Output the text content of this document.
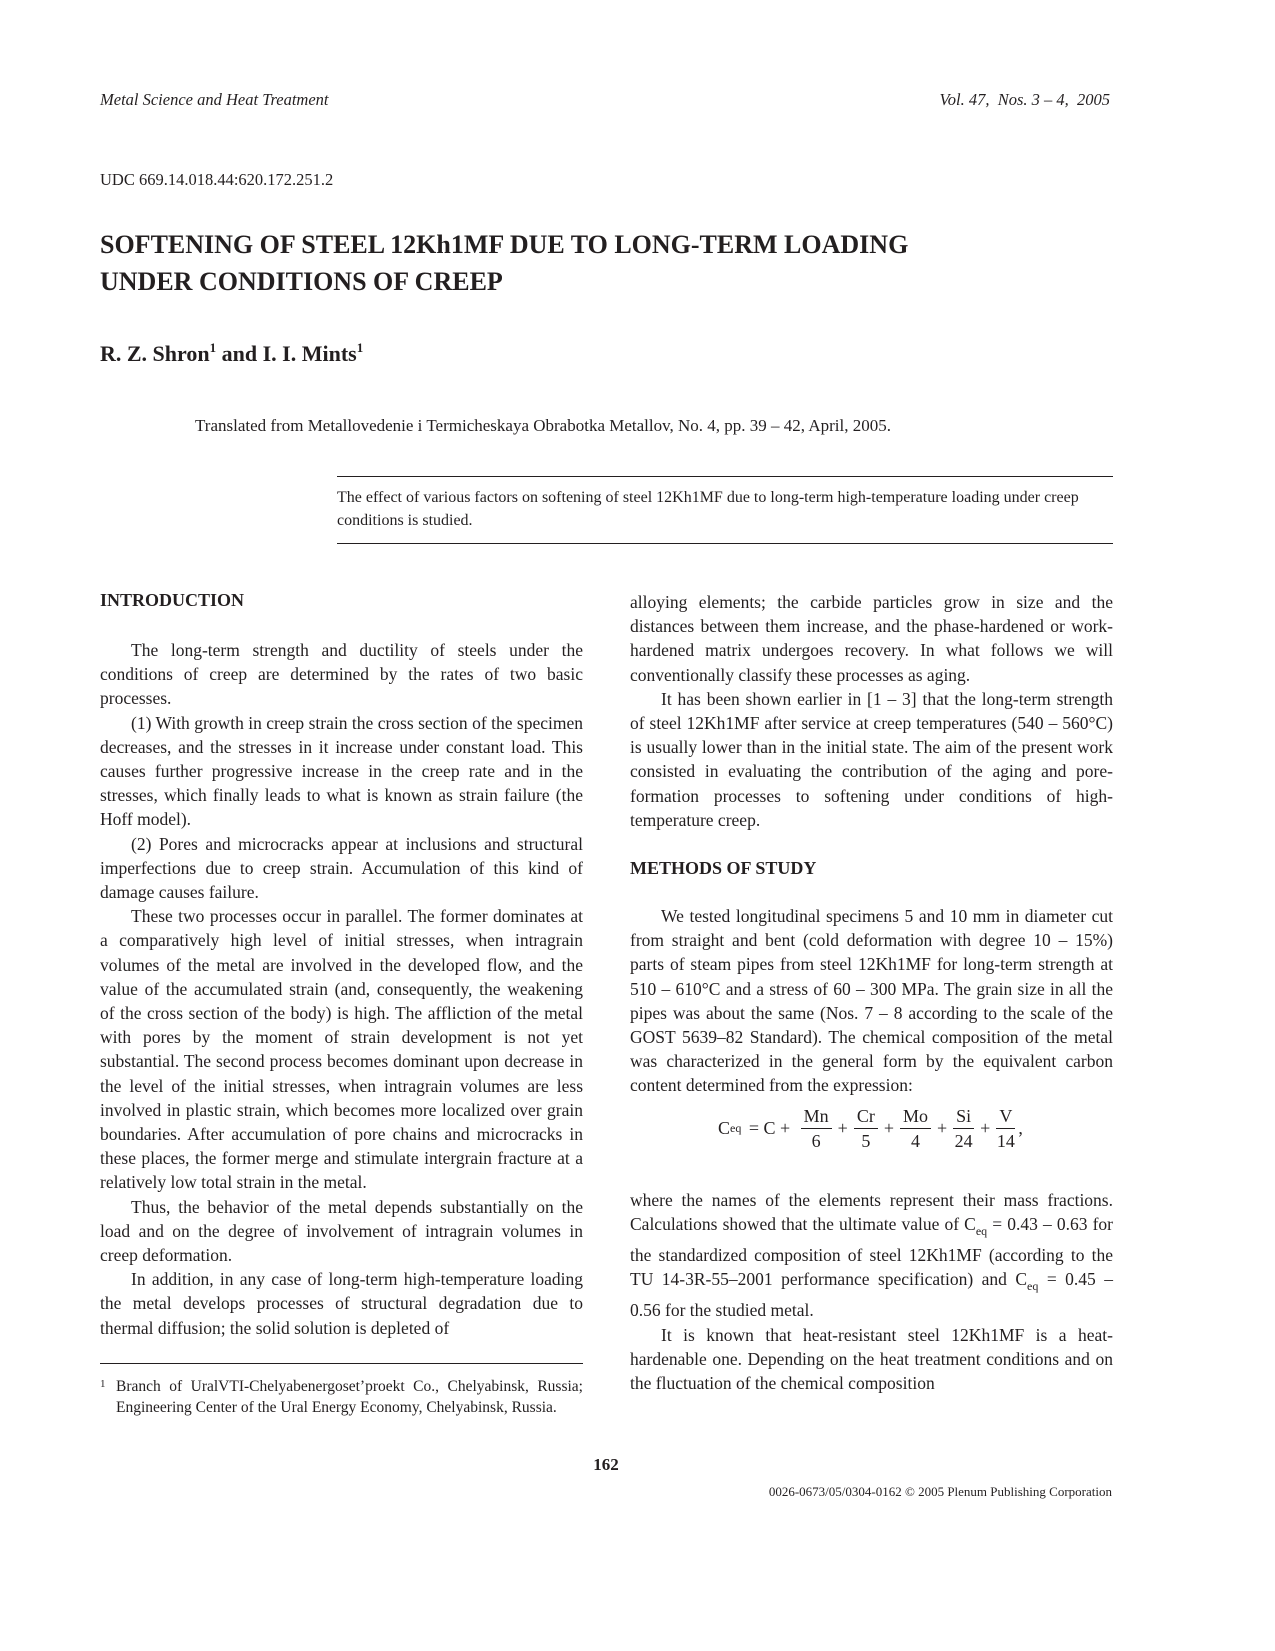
Metal Science and Heat Treatment	Vol. 47,  Nos. 3 – 4,  2005
UDC 669.14.018.44:620.172.251.2
SOFTENING OF STEEL 12Kh1MF DUE TO LONG-TERM LOADING
UNDER CONDITIONS OF CREEP
R. Z. Shron$^1$ and I. I. Mints$^1$
Translated from Metallovedenie i Termicheskaya Obrabotka Metallov, No. 4, pp. 39 – 42, April, 2005.
The effect of various factors on softening of steel 12Kh1MF due to long-term high-temperature loading under creep conditions is studied.
INTRODUCTION

The long-term strength and ductility of steels under the conditions of creep are determined by the rates of two basic processes.

(1) With growth in creep strain the cross section of the specimen decreases, and the stresses in it increase under constant load. This causes further progressive increase in the creep rate and in the stresses, which finally leads to what is known as strain failure (the Hoff model).

(2) Pores and microcracks appear at inclusions and structural imperfections due to creep strain. Accumulation of this kind of damage causes failure.

These two processes occur in parallel. The former dominates at a comparatively high level of initial stresses, when intragrain volumes of the metal are involved in the developed flow, and the value of the accumulated strain (and, consequently, the weakening of the cross section of the body) is high. The affliction of the metal with pores by the moment of strain development is not yet substantial. The second process becomes dominant upon decrease in the level of the initial stresses, when intragrain volumes are less involved in plastic strain, which becomes more localized over grain boundaries. After accumulation of pore chains and microcracks in these places, the former merge and stimulate intergrain fracture at a relatively low total strain in the metal.

Thus, the behavior of the metal depends substantially on the load and on the degree of involvement of intragrain volumes in creep deformation.

In addition, in any case of long-term high-temperature loading the metal develops processes of structural degradation due to thermal diffusion; the solid solution is depleted of

alloying elements; the carbide particles grow in size and the distances between them increase, and the phase-hardened or work-hardened matrix undergoes recovery. In what follows we will conventionally classify these processes as aging.

It has been shown earlier in [1 – 3] that the long-term strength of steel 12Kh1MF after service at creep temperatures (540 – 560°C) is usually lower than in the initial state. The aim of the present work consisted in evaluating the contribution of the aging and pore-formation processes to softening under conditions of high-temperature creep.

METHODS OF STUDY

We tested longitudinal specimens 5 and 10 mm in diameter cut from straight and bent (cold deformation with degree 10 – 15%) parts of steam pipes from steel 12Kh1MF for long-term strength at 510 – 610°C and a stress of 60 – 300 MPa. The grain size in all the pipes was about the same (Nos. 7 – 8 according to the scale of the GOST 5639–82 Standard). The chemical composition of the metal was characterized in the general form by the equivalent carbon content determined from the expression:

C eq = $C + \frac{Mn}{6} + \frac{Cr}{5} + \frac{Mo}{4} + \frac{Si}{24} + \frac{V}{14}$ ,

where the names of the elements represent their mass fractions. Calculations showed that the ultimate value of $C_{eq} = 0.43 - 0.63$ for the standardized composition of steel 12Kh1MF (according to the TU 14-3R-55–2001 performance specification) and $C_{eq} = 0.45 - 0.56$ for the studied metal.

It is known that heat-resistant steel 12Kh1MF is a heat-hardenable one. Depending on the heat treatment conditions and on the fluctuation of the chemical composition

1 Branch of UralVTI-Chelyabenergoset’proekt Co., Chelyabinsk, Russia; Engineering Center of the Ural Energy Economy, Chelyabinsk, Russia.
162
0026-0673/05/0304-0162 © 2005 Plenum Publishing Corporation
